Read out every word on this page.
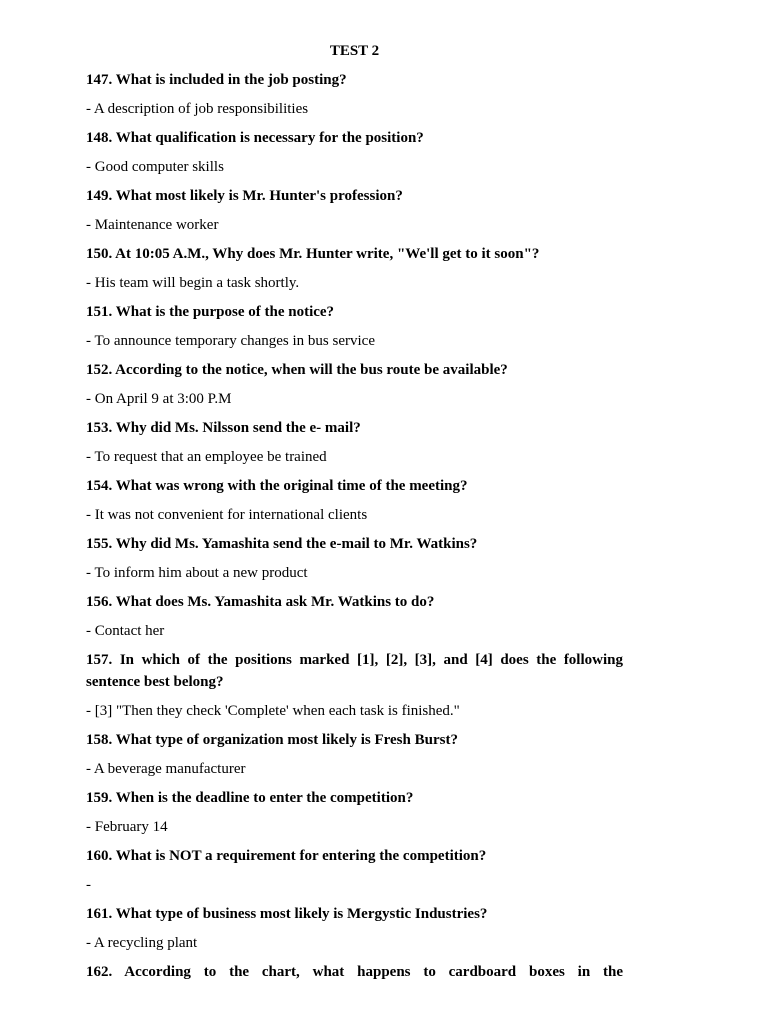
TEST 2
147. What is included in the job posting?
- A description of job responsibilities
148. What qualification is necessary for the position?
- Good computer skills
149. What most likely is Mr. Hunter's profession?
- Maintenance worker
150. At 10:05 A.M., Why does Mr. Hunter write, "We'll get to it soon"?
- His team will begin a task shortly.
151. What is the purpose of the notice?
- To announce temporary changes in bus service
152. According to the notice, when will the bus route be available?
- On April 9 at 3:00 P.M
153. Why did Ms. Nilsson send the e- mail?
- To request that an employee be trained
154. What was wrong with the original time of the meeting?
- It was not convenient for international clients
155. Why did Ms. Yamashita send the e-mail to Mr. Watkins?
- To inform him about a new product
156. What does Ms. Yamashita ask Mr. Watkins to do?
- Contact her
157. In which of the positions marked [1], [2], [3], and [4] does the following sentence best belong?
- [3] "Then they check 'Complete' when each task is finished."
158. What type of organization most likely is Fresh Burst?
- A beverage manufacturer
159. When is the deadline to enter the competition?
- February 14
160. What is NOT a requirement for entering the competition?
-
161. What type of business most likely is Mergystic Industries?
- A recycling plant
162. According to the chart, what happens to cardboard boxes in the
